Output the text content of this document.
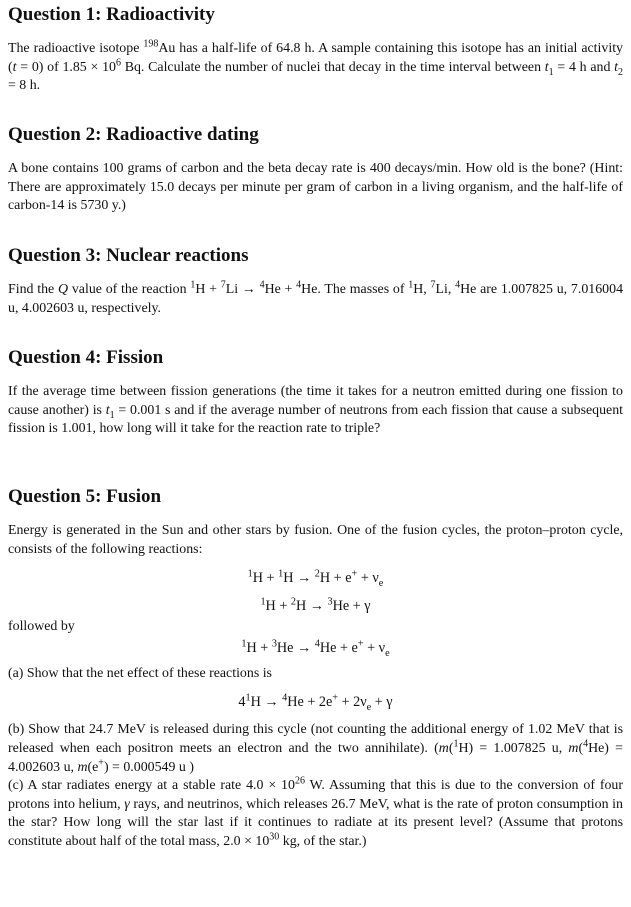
Question 1: Radioactivity

The radioactive isotope $^{198}$Au has a half-life of 64.8 h. A sample containing this isotope has an initial activity (t = 0) of $1.85 \times 10^6$ Bq. Calculate the number of nuclei that decay in the time interval between $t_1 = 4$ h and $t_2 = 8$ h.

Question 2: Radioactive dating

A bone contains 100 grams of carbon and the beta decay rate is 400 decays/min. How old is the bone? (Hint: There are approximately 15.0 decays per minute per gram of carbon in a living organism, and the half-life of carbon-14 is 5730 y.)

Question 3: Nuclear reactions

Find the Q value of the reaction $^1$H + $^7$Li → $^4$He + $^4$He. The masses of $^1$H, $^7$Li, $^4$He are 1.007825 u, 7.016004 u, 4.002603 u, respectively.

Question 4: Fission

If the average time between fission generations (the time it takes for a neutron emitted during one fission to cause another) is $t_1 = 0.001$ s and if the average number of neutrons from each fission that cause a subsequent fission is 1.001, how long will it take for the reaction rate to triple?

Question 5: Fusion

Energy is generated in the Sun and other stars by fusion. One of the fusion cycles, the proton–proton cycle, consists of the following reactions:

$^1H + ^1H \to ^2H + e^+ + \nu_e$

$^1$H + $^2$H → $^3$He + γ

followed by

$^1H + ^3He \to ^4He + e^+ + \nu_e$

(a) Show that the net effect of these reactions is

$4^1H \to ^4He + 2e^+ + 2\nu_e + \gamma$

(b) Show that 24.7 MeV is released during this cycle (not counting the additional energy of 1.02 MeV that is released when each positron meets an electron and the two annihilate). (m($^1$H) = 1.007825 u, m($^4$He) = 4.002603 u, m(e+) = 0.000549 u )

(c) A star radiates energy at a stable rate $4.0 \times 10^{26}$ W. Assuming that this is due to the conversion of four protons into helium, γ rays, and neutrinos, which releases 26.7 MeV, what is the rate of proton consumption in the star? How long will the star last if it continues to radiate at its present level? (Assume that protons constitute about half of the total mass, $2.0 \times 10^{30}$ kg, of the star.)
